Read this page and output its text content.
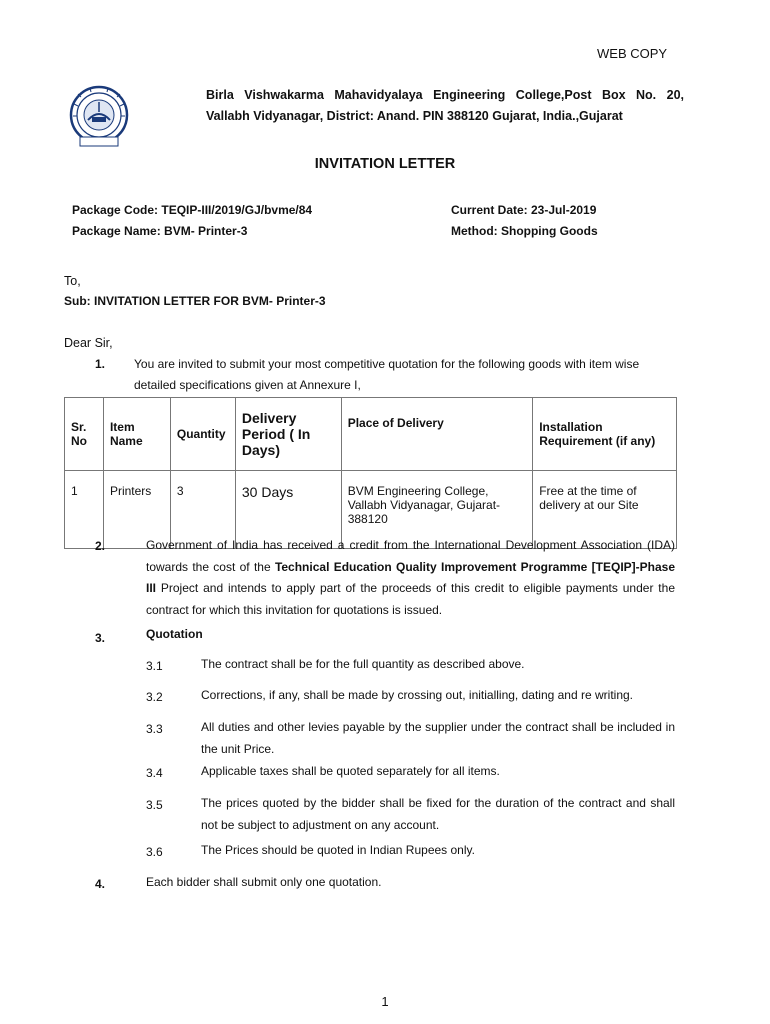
WEB COPY
Birla Vishwakarma Mahavidyalaya Engineering College,Post Box No. 20,
Vallabh Vidyanagar, District: Anand. PIN 388120 Gujarat, India.,Gujarat
INVITATION LETTER
Package Code: TEQIP-III/2019/GJ/bvme/84
Package Name: BVM- Printer-3
Current Date: 23-Jul-2019
Method: Shopping Goods
To,
Sub: INVITATION LETTER FOR BVM- Printer-3
Dear Sir,
1. You are invited to submit your most competitive quotation for the following goods with item wise
detailed specifications given at Annexure I,
Sr. No	Item Name	Quantity	Delivery Period ( In Days)	Place of Delivery	Installation Requirement (if any)
1	Printers	3	30 Days	BVM Engineering College, Vallabh Vidyanagar, Gujarat-388120	Free at the time of delivery at our Site
2.	Government of India has received a credit from the International Development Association (IDA) towards the cost of the Technical Education Quality Improvement Programme [TEQIP]-Phase III Project and intends to apply part of the proceeds of this credit to eligible payments under the contract for which this invitation for quotations is issued.

3.	Quotation
3.1	The contract shall be for the full quantity as described above.
3.2	Corrections, if any, shall be made by crossing out, initialling, dating and re writing.
3.3	All duties and other levies payable by the supplier under the contract shall be included in the unit Price.
3.4	Applicable taxes shall be quoted separately for all items.
3.5	The prices quoted by the bidder shall be fixed for the duration of the contract and shall not be subject to adjustment on any account.
3.6	The Prices should be quoted in Indian Rupees only.
4.	Each bidder shall submit only one quotation.
1
